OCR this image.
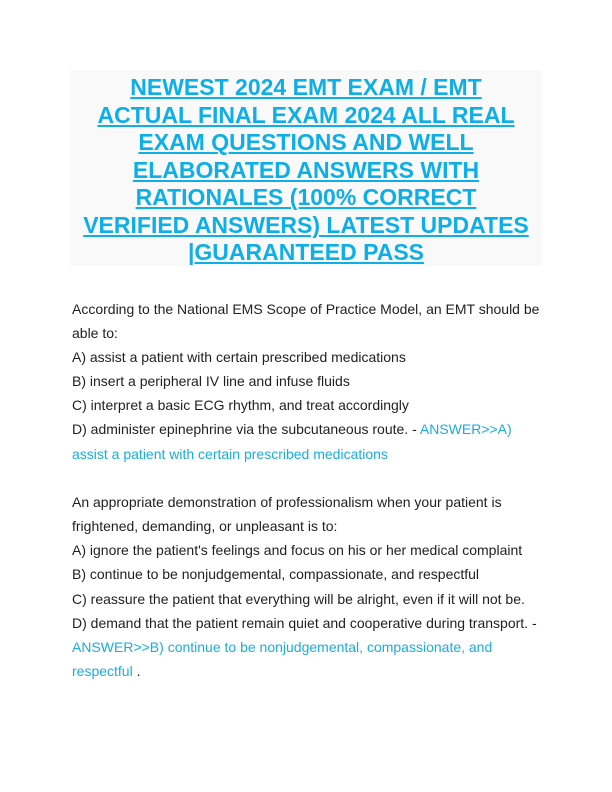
NEWEST 2024 EMT EXAM / EMT
ACTUAL FINAL EXAM 2024 ALL REAL
EXAM QUESTIONS AND WELL
ELABORATED ANSWERS WITH
RATIONALES (100% CORRECT
VERIFIED ANSWERS) LATEST UPDATES
|GUARANTEED PASS
According to the National EMS Scope of Practice Model, an EMT should be
able to:
A) assist a patient with certain prescribed medications
B) insert a peripheral IV line and infuse fluids
C) interpret a basic ECG rhythm, and treat accordingly
D) administer epinephrine via the subcutaneous route. - ANSWER>>A)
assist a patient with certain prescribed medications
An appropriate demonstration of professionalism when your patient is
frightened, demanding, or unpleasant is to:
A) ignore the patient's feelings and focus on his or her medical complaint
B) continue to be nonjudgemental, compassionate, and respectful
C) reassure the patient that everything will be alright, even if it will not be.
D) demand that the patient remain quiet and cooperative during transport. -
ANSWER>>B) continue to be nonjudgemental, compassionate, and
respectful .
